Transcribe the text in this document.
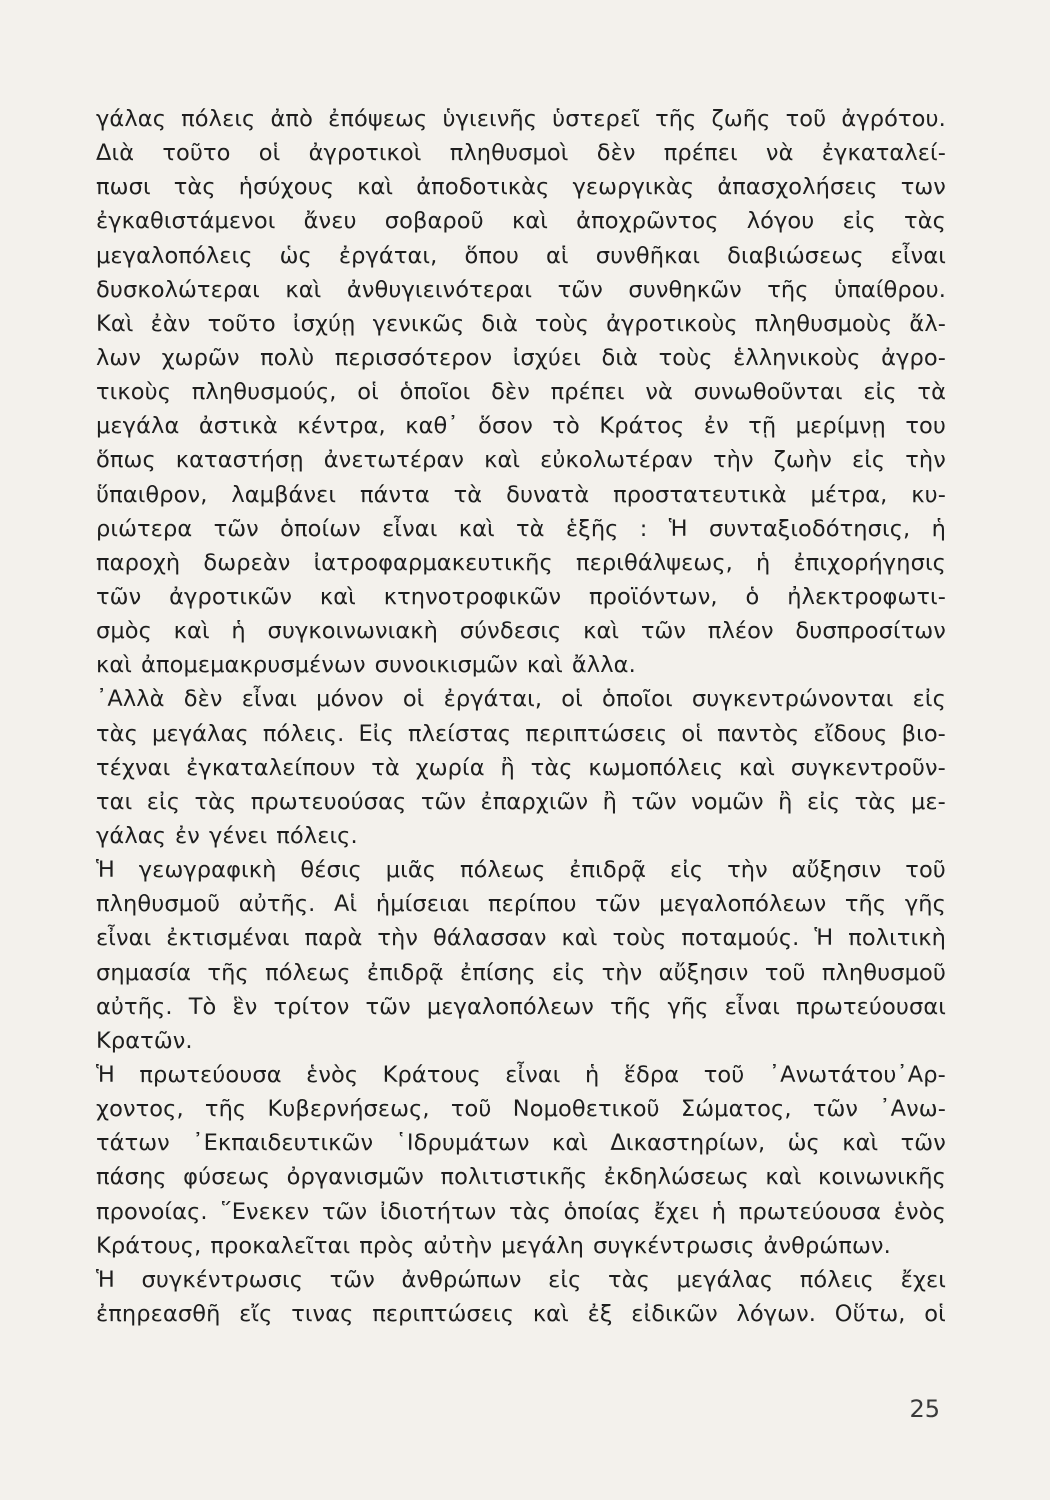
γάλας πόλεις ἀπὸ ἐπόψεως ὑγιεινῆς ὑστερεῖ τῆς ζωῆς τοῦ ἀγρότου.
Διὰ τοῦτο οἱ ἀγροτικοὶ πληθυσμοὶ δὲν πρέπει νὰ ἐγκαταλεί-
πωσι τὰς ἡσύχους καὶ ἀποδοτικὰς γεωργικὰς ἀπασχολήσεις των
ἐγκαθιστάμενοι ἄνευ σοβαροῦ καὶ ἀποχρῶντος λόγου εἰς τὰς
μεγαλοπόλεις ὡς ἐργάται, ὅπου αἱ συνθῆκαι διαβιώσεως εἶναι
δυσκολώτεραι καὶ ἀνθυγιεινότεραι τῶν συνθηκῶν τῆς ὑπαίθρου.
Καὶ ἐὰν τοῦτο ἰσχύῃ γενικῶς διὰ τοὺς ἀγροτικοὺς πληθυσμοὺς ἄλ-
λων χωρῶν πολὺ περισσότερον ἰσχύει διὰ τοὺς ἑλληνικοὺς ἀγρο-
τικοὺς πληθυσμούς, οἱ ὁποῖοι δὲν πρέπει νὰ συνωθοῦνται εἰς τὰ
μεγάλα ἀστικὰ κέντρα, καθ᾽ ὅσον τὸ Κράτος ἐν τῇ μερίμνῃ του
ὅπως καταστήσῃ ἀνετωτέραν καὶ εὐκολωτέραν τὴν ζωὴν εἰς τὴν
ὕπαιθρον, λαμβάνει πάντα τὰ δυνατὰ προστατευτικὰ μέτρα, κυ-
ριώτερα τῶν ὁποίων εἶναι καὶ τὰ ἑξῆς : Ἡ συνταξιοδότησις, ἡ
παροχὴ δωρεὰν ἰατροφαρμακευτικῆς περιθάλψεως, ἡ ἐπιχορήγησις
τῶν ἀγροτικῶν καὶ κτηνοτροφικῶν προϊόντων, ὁ ἠλεκτροφωτι-
σμὸς καὶ ἡ συγκοινωνιακὴ σύνδεσις καὶ τῶν πλέον δυσπροσίτων
καὶ ἀπομεμακρυσμένων συνοικισμῶν καὶ ἄλλα.
᾽Αλλὰ δὲν εἶναι μόνον οἱ ἐργάται, οἱ ὁποῖοι συγκεντρώνονται εἰς
τὰς μεγάλας πόλεις. Εἰς πλείστας περιπτώσεις οἱ παντὸς εἴδους βιο-
τέχναι ἐγκαταλείπουν τὰ χωρία ἢ τὰς κωμοπόλεις καὶ συγκεντροῦν-
ται εἰς τὰς πρωτευούσας τῶν ἐπαρχιῶν ἢ τῶν νομῶν ἢ εἰς τὰς με-
γάλας ἐν γένει πόλεις.
Ἡ γεωγραφικὴ θέσις μιᾶς πόλεως ἐπιδρᾷ εἰς τὴν αὔξησιν τοῦ
πληθυσμοῦ αὐτῆς. Αἱ ἡμίσειαι περίπου τῶν μεγαλοπόλεων τῆς γῆς
εἶναι ἐκτισμέναι παρὰ τὴν θάλασσαν καὶ τοὺς ποταμούς. Ἡ πολιτικὴ
σημασία τῆς πόλεως ἐπιδρᾷ ἐπίσης εἰς τὴν αὔξησιν τοῦ πληθυσμοῦ
αὐτῆς. Τὸ ἓν τρίτον τῶν μεγαλοπόλεων τῆς γῆς εἶναι πρωτεύουσαι
Κρατῶν.
Ἡ πρωτεύουσα ἑνὸς Κράτους εἶναι ἡ ἕδρα τοῦ ᾽Ανωτάτου᾽Αρ-
χοντος, τῆς Κυβερνήσεως, τοῦ Νομοθετικοῦ Σώματος, τῶν ᾽Ανω-
τάτων ᾽Εκπαιδευτικῶν ῾Ιδρυμάτων καὶ Δικαστηρίων, ὡς καὶ τῶν
πάσης φύσεως ὀργανισμῶν πολιτιστικῆς ἐκδηλώσεως καὶ κοινωνικῆς
προνοίας. ῞Ενεκεν τῶν ἰδιοτήτων τὰς ὁποίας ἔχει ἡ πρωτεύουσα ἑνὸς
Κράτους, προκαλεῖται πρὸς αὐτὴν μεγάλη συγκέντρωσις ἀνθρώπων.
Ἡ συγκέντρωσις τῶν ἀνθρώπων εἰς τὰς μεγάλας πόλεις ἔχει
ἐπηρεασθῆ εἴς τινας περιπτώσεις καὶ ἐξ εἰδικῶν λόγων. Οὕτω, οἱ
25
